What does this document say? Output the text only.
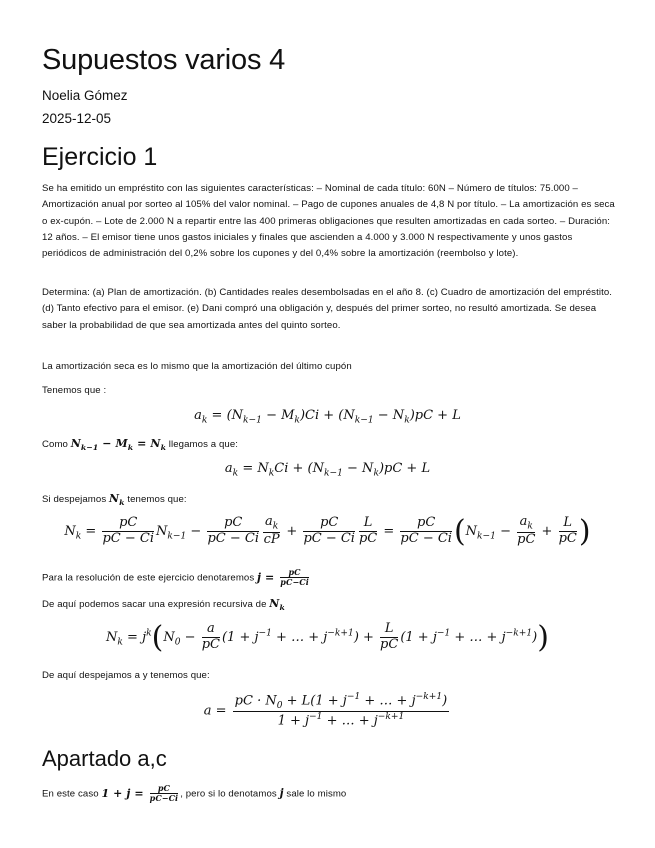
Supuestos varios 4
Noelia Gómez
2025-12-05
Ejercicio 1
Se ha emitido un empréstito con las siguientes características: – Nominal de cada título: 60N – Número de títulos: 75.000 – Amortización anual por sorteo al 105% del valor nominal. – Pago de cupones anuales de 4,8 N por título. – La amortización es seca o ex-cupón. – Lote de 2.000 N a repartir entre las 400 primeras obligaciones que resulten amortizadas en cada sorteo. – Duración: 12 años. – El emisor tiene unos gastos iniciales y finales que ascienden a 4.000 y 3.000 N respectivamente y unos gastos periódicos de administración del 0,2% sobre los cupones y del 0,4% sobre la amortización (reembolso y lote).
Determina: (a) Plan de amortización. (b) Cantidades reales desembolsadas en el año 8. (c) Cuadro de amortización del empréstito. (d) Tanto efectivo para el emisor. (e) Dani compró una obligación y, después del primer sorteo, no resultó amortizada. Se desea saber la probabilidad de que sea amortizada antes del quinto sorteo.
La amortización seca es lo mismo que la amortización del último cupón
Tenemos que :
$a_k = (N_{k-1} - M_k)Ci + (N_{k-1} - N_k)pC + L$
Como $N_{k-1} - M_k = N_k$ llegamos a que:
$a_k = N_kCi + (N_{k-1} - N_k)pC + L$
Si despejamos $N_k$ tenemos que:
$N_k = \frac{pC}{pC - Ci} N_{k-1} - \frac{pC}{pC - Ci} \frac{a_k}{cP} + \frac{pC}{pC - Ci} \frac{L}{pC} = \frac{pC}{pC - Ci} (N_{k-1} - \frac{a_k}{pC} + \frac{L}{pC}$ )
Para la resolución de este ejercicio denotaremos $j = \frac{pC}{pC-Ci}$
De aquí podemos sacar una expresión recursiva de $N_k$
$N_k = j^k(N_0 - \frac{a}{pC} (1 + j^{-1}$ + … + $j^{-k+1}) + \frac{L}{pC} (1 + j^{-1}$ + … + $j^{-k+1}$))
De aquí despejamos a y tenemos que:
$a = \frac{pC \cdot N_0 + L(1 + j^{-1} + \dots + j^{-k+1})}{1 + j^{-1} + \dots + j^{-k+1}}$
Apartado a,c
En este caso $1 + j = \frac{pC}{pC-Ci}$ , pero si lo denotamos j sale lo mismo
